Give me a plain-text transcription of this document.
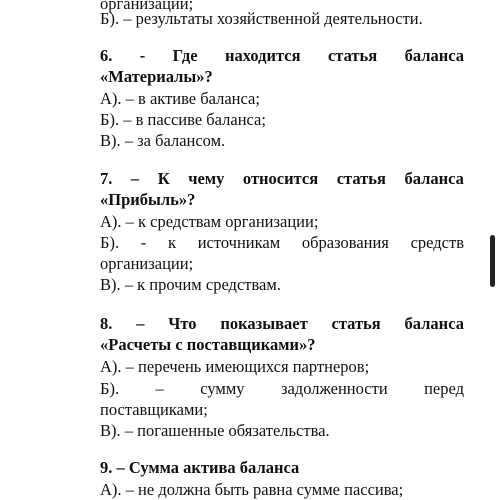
организации;
Б). – результаты хозяйственной деятельности.
6. - Где находится статья баланса
«Материалы»?
А). – в активе баланса;
Б). – в пассиве баланса;
В). – за балансом.
7. – К чему относится статья баланса
«Прибыль»?
А). – к средствам организации;
Б). - к источникам образования средств
организации;
В). – к прочим средствам.
8. – Что показывает статья баланса
«Расчеты с поставщиками»?
А). – перечень имеющихся партнеров;
Б). – сумму задолженности перед
поставщиками;
В). – погашенные обязательства.
9. – Сумма актива баланса
А). – не должна быть равна сумме пассива;
